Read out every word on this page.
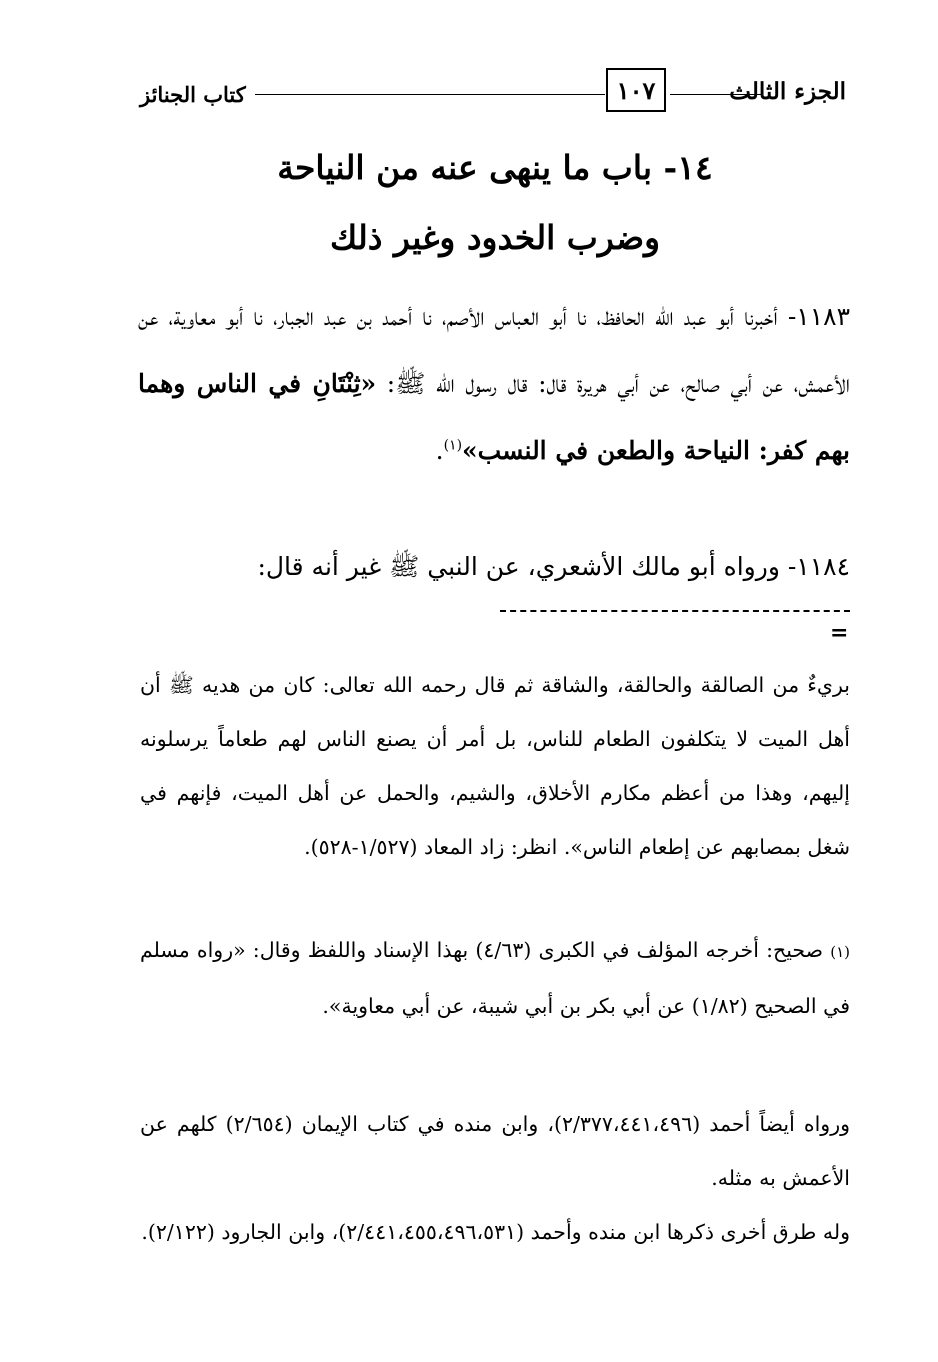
الجزء الثالث
١٠٧
كتاب الجنائز
١٤- باب ما ينهى عنه من النياحة
وضرب الخدود وغير ذلك

١١٨٣- أخبرنا أبو عبد الله الحافظ، نا أبو العباس الأصم، نا أحمد بن عبد الجبار، نا أبو معاوية، عن الأعمش، عن أبي صالح، عن أبي هريرة قال: قال رسول الله ﷺ: «ثِنْتَانِ في الناس وهما بهم كفر: النياحة والطعن في النسب»$^{(١)}$.

١١٨٤- ورواه أبو مالك الأشعري، عن النبي ﷺ غير أنه قال:

=

بريءٌ من الصالقة والحالقة، والشاقة ثم قال رحمه الله تعالى: كان من هديه ﷺ أن أهل الميت لا يتكلفون الطعام للناس، بل أمر أن يصنع الناس لهم طعاماً يرسلونه إليهم، وهذا من أعظم مكارم الأخلاق، والشيم، والحمل عن أهل الميت، فإنهم في شغل بمصابهم عن إطعام الناس». انظر: زاد المعاد (١/٥٢٧-٥٢٨).

(١) صحيح: أخرجه المؤلف في الكبرى (٤/٦٣) بهذا الإسناد واللفظ وقال: «رواه مسلم في الصحيح (١/٨٢) عن أبي بكر بن أبي شيبة، عن أبي معاوية».

ورواه أيضاً أحمد (٢/٣٧٧،٤٤١،٤٩٦)، وابن منده في كتاب الإيمان (٢/٦٥٤) كلهم عن الأعمش به مثله.

وله طرق أخرى ذكرها ابن منده وأحمد (٢/٤٤١،٤٥٥،٤٩٦،٥٣١)، وابن الجارود (٢/١٢٢).
